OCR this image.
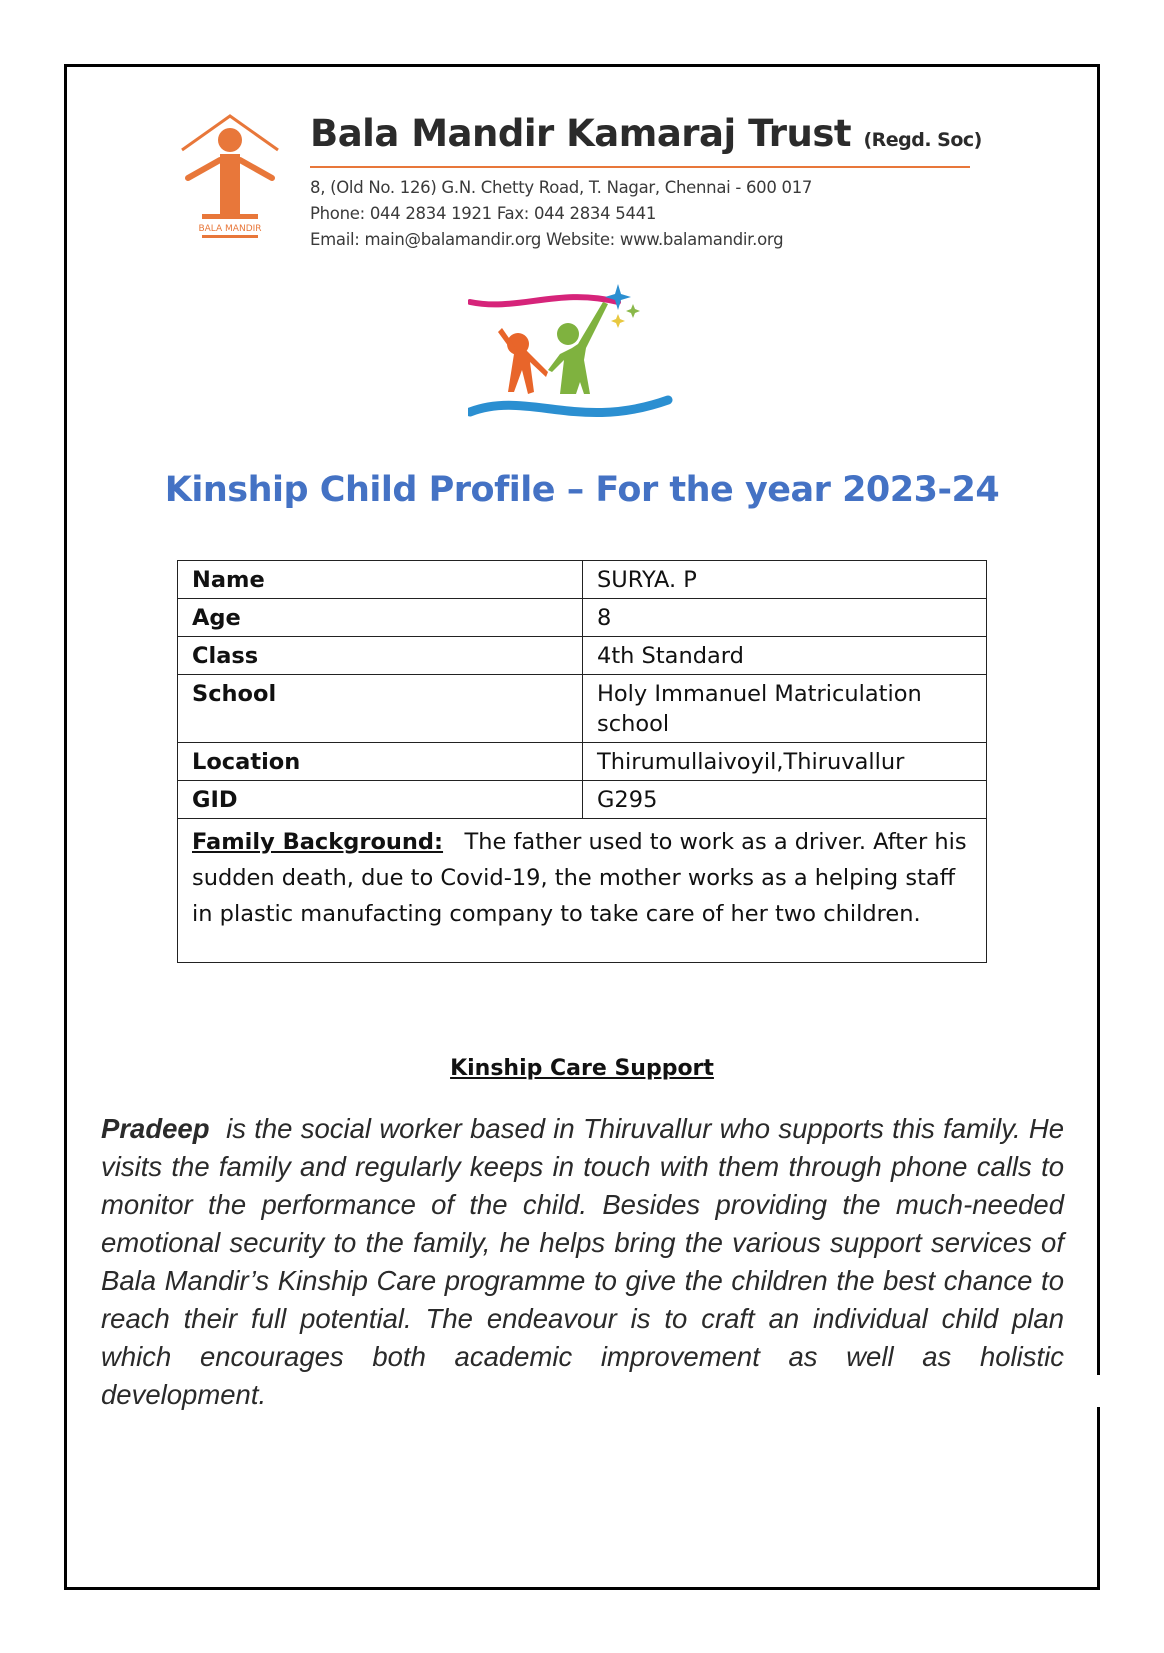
BALA MANDIR
Bala Mandir Kamaraj Trust (Regd. Soc)
8, (Old No. 126) G.N. Chetty Road, T. Nagar, Chennai - 600 017
Phone: 044 2834 1921 Fax: 044 2834 5441
Email: main@balamandir.org Website: www.balamandir.org
Kinship Child Profile – For the year 2023-24
Name	SURYA. P
Age	8
Class	4th Standard
School	Holy Immanuel Matriculation school
Location	Thirumullaivoyil,Thiruvallur
GID	G295
Family Background: The father used to work as a driver. After his sudden death, due to Covid-19, the mother works as a helping staff in plastic manufacting company to take care of her two children.	
Kinship Care Support
Pradeep is the social worker based in Thiruvallur who supports this family. He visits the family and regularly keeps in touch with them through phone calls to monitor the performance of the child. Besides providing the much-needed emotional security to the family, he helps bring the various support services of Bala Mandir’s Kinship Care programme to give the children the best chance to reach their full potential. The endeavour is to craft an individual child plan which encourages both academic improvement as well as holistic development.
